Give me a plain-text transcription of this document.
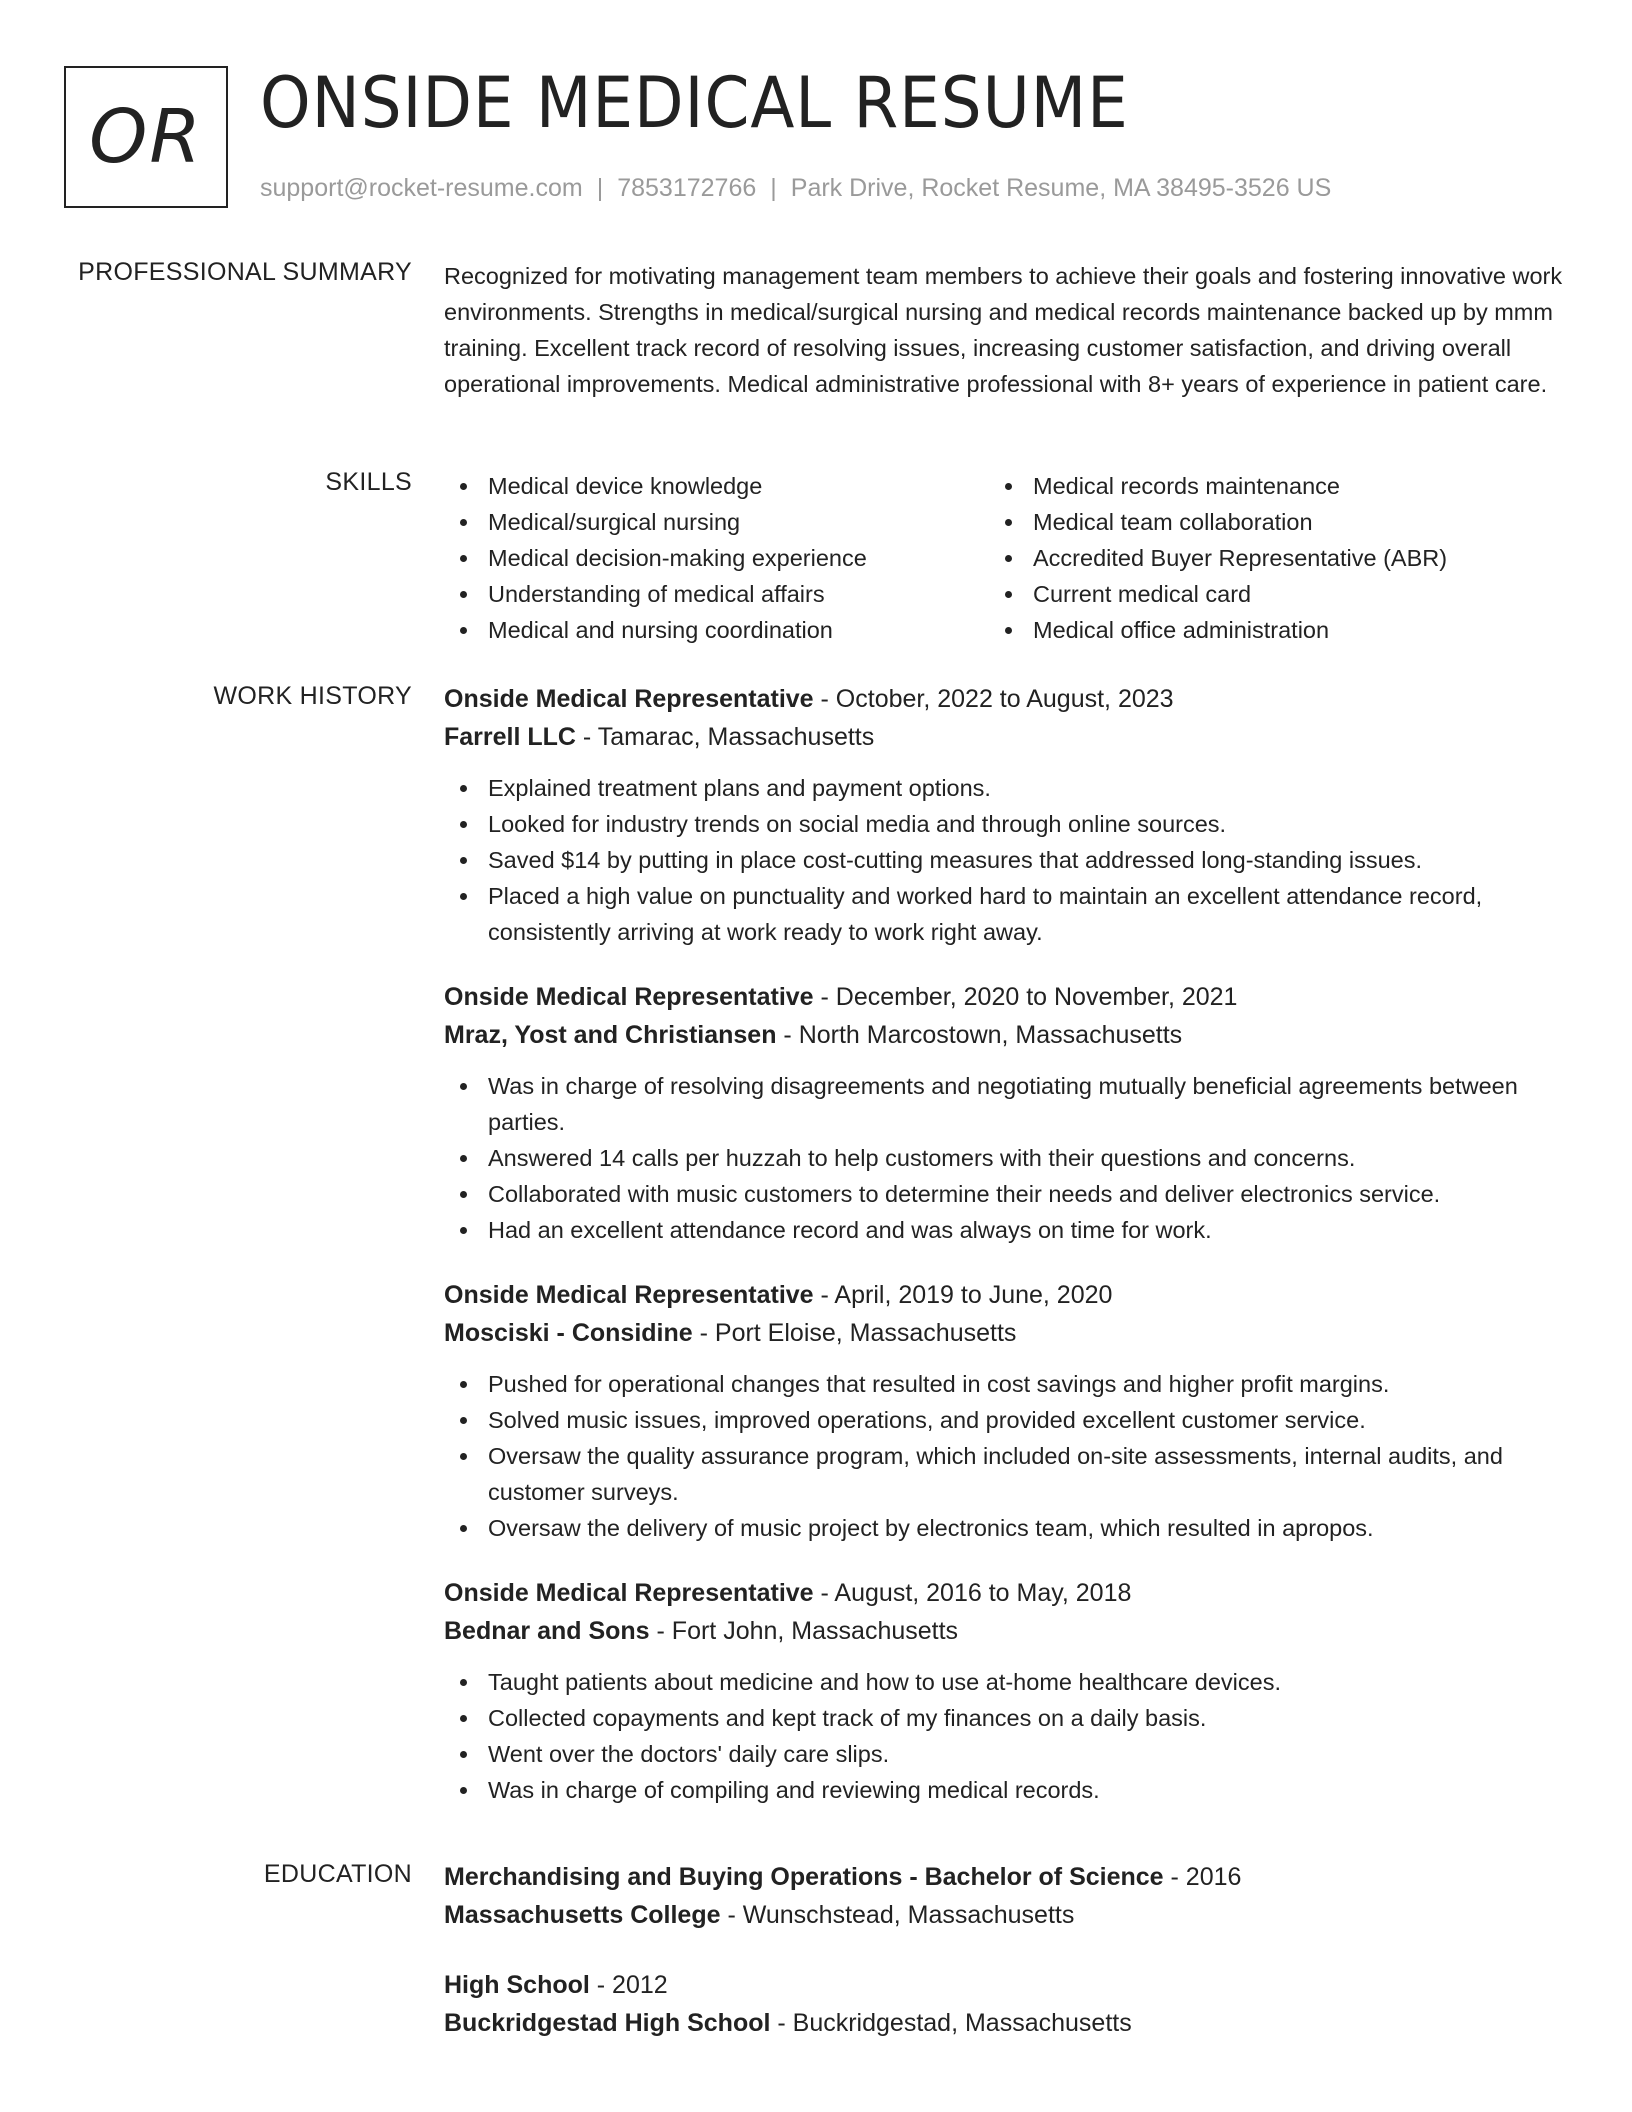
OR ONSIDE MEDICAL RESUME
support@rocket-resume.com | 7853172766 | Park Drive, Rocket Resume, MA 38495-3526 US
PROFESSIONAL SUMMARY Recognized for motivating management team members to achieve their goals and fostering innovative work environments. Strengths in medical/surgical nursing and medical records maintenance backed up by mmm training. Excellent track record of resolving issues, increasing customer satisfaction, and driving overall operational improvements. Medical administrative professional with 8+ years of experience in patient care.
SKILLS	Medical device knowledge
Medical/surgical nursing
Medical decision-making experience
Understanding of medical affairs
Medical and nursing coordination
Medical records maintenance
Medical team collaboration
Accredited Buyer Representative (ABR)
Current medical card
Medical office administration
WORK HISTORY Onside Medical Representative - October, 2022 to August, 2023
Farrell LLC - Tamarac, Massachusetts
Explained treatment plans and payment options.
Looked for industry trends on social media and through online sources.
Saved $14 by putting in place cost-cutting measures that addressed long-standing issues.
Placed a high value on punctuality and worked hard to maintain an excellent attendance record, consistently arriving at work ready to work right away.
Onside Medical Representative - December, 2020 to November, 2021
Mraz, Yost and Christiansen - North Marcostown, Massachusetts
Was in charge of resolving disagreements and negotiating mutually beneficial agreements between parties.
Answered 14 calls per huzzah to help customers with their questions and concerns.
Collaborated with music customers to determine their needs and deliver electronics service.
Had an excellent attendance record and was always on time for work.
Onside Medical Representative - April, 2019 to June, 2020
Mosciski - Considine - Port Eloise, Massachusetts
Pushed for operational changes that resulted in cost savings and higher profit margins.
Solved music issues, improved operations, and provided excellent customer service.
Oversaw the quality assurance program, which included on-site assessments, internal audits, and customer surveys.
Oversaw the delivery of music project by electronics team, which resulted in apropos.
Onside Medical Representative - August, 2016 to May, 2018
Bednar and Sons - Fort John, Massachusetts
Taught patients about medicine and how to use at-home healthcare devices.
Collected copayments and kept track of my finances on a daily basis.
Went over the doctors' daily care slips.
Was in charge of compiling and reviewing medical records.
EDUCATION Merchandising and Buying Operations - Bachelor of Science - 2016
Massachusetts College - Wunschstead, Massachusetts
High School - 2012
Buckridgestad High School - Buckridgestad, Massachusetts
